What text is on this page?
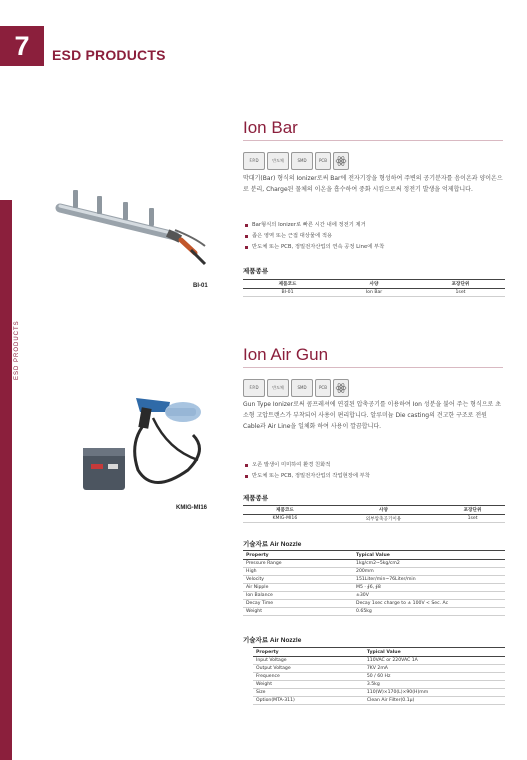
7	ESD PRODUCTS
ESD PRODUCTS
Ion Bar
F.P.D	반도체	SMD	PCB
막대기(Bar) 형식의 Ionizer로써 Bar에 전자기장을 형성하여 주변의 공기분자를 음이온과 양이온으로 분리, Charge된 물체의 이온을 흡수하여 중화 시킴으로써 정전기 발생을 억제합니다.
Bar형식의 Ionizer로 빠른 시간 내에 정전기 제거
좁은 영역 또는 근접 대상물에 적용
반도체 또는 PCB, 정밀전자산업의 연속 공정 Line에 부착
제품종류
제품코드	사양	포장단위
BI-01	Ion Bar	1set
BI-01
Ion Air Gun
F.P.D	반도체	SMD	PCB
Gun Type Ionizer로써 콤프레셔에 연결된 압축공기를 이용하여 Ion 성분을 불어 주는 형식으로 초소형 고압트랜스가 부착되어 사용이 편리합니다. 알루미늄 Die casting의 견고한 구조로 전원 Cable과 Air Line을 일체화 하여 사용이 깔끔합니다.
오존 발생이 미미하여 환경 친화적
반도체 또는 PCB, 정밀전자산업의 작업현장에 부착
제품종류
제품코드	사양	포장단위
KMIG-MI16	외부압축공기이용	1set
KMIG-MI16
기술자료 Air Nozzle
Property	Typical Value
Pressure Range	1kg/cm2~5kg/cm2
High	200mm
Velocity	151Liter/min~76Liter/min
Air Nipple	M5 · ∮6, ∮8
Ion Balance	±30V
Decay Time	Decay 1sec charge to ± 100V < Sec. Ac
Weight	0.65kg
기술자료 Air Nozzle
Property	Typical Value
Input Voltage	110VAC or 220VAC 1A
Output Voltage	7KV 2mA
Frequence	50 / 60 Hz
Weight	3.5kg
Size	110(W)×170(L)×90(H)mm
Option(MTA-311)	Clean Air Filter(0.1μ)
